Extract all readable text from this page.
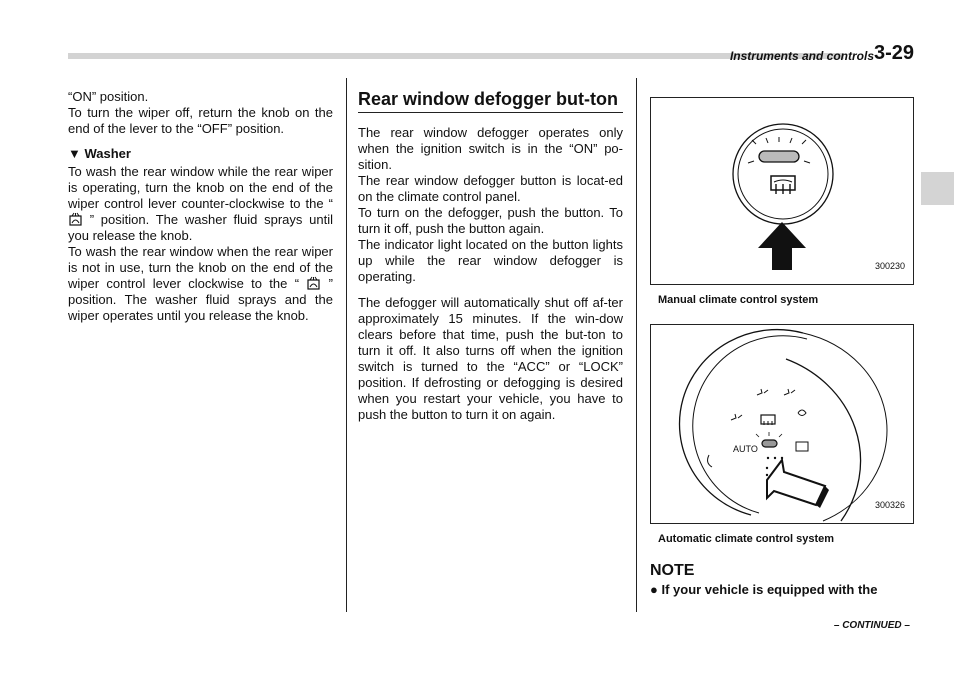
Instruments and controls 3-29

“ON” position.

To turn the wiper off, return the knob on the end of the lever to the “OFF” position.

▼ Washer

To wash the rear window while the rear wiper is operating, turn the knob on the end of the wiper control lever counter-clockwise to the “  ” position. The washer fluid sprays until you release the knob.

To wash the rear window when the rear wiper is not in use, turn the knob on the end of the wiper control lever clockwise to the “  ” position. The washer fluid sprays and the wiper operates until you release the knob.

Rear window defogger but-ton

The rear window defogger operates only when the ignition switch is in the “ON” po-sition.

The rear window defogger button is locat-ed on the climate control panel.

To turn on the defogger, push the button. To turn it off, push the button again.

The indicator light located on the button lights up while the rear window defogger is operating.

The defogger will automatically shut off af-ter approximately 15 minutes. If the win-dow clears before that time, push the but-ton to turn it off. It also turns off when the ignition switch is turned to the “ACC” or “LOCK” position. If defrosting or defogging is desired when you restart your vehicle, you have to push the button to turn it on again.

300230
Manual climate control system
AUTO
300326
Automatic climate control system
NOTE
● If your vehicle is equipped with the
– CONTINUED –
